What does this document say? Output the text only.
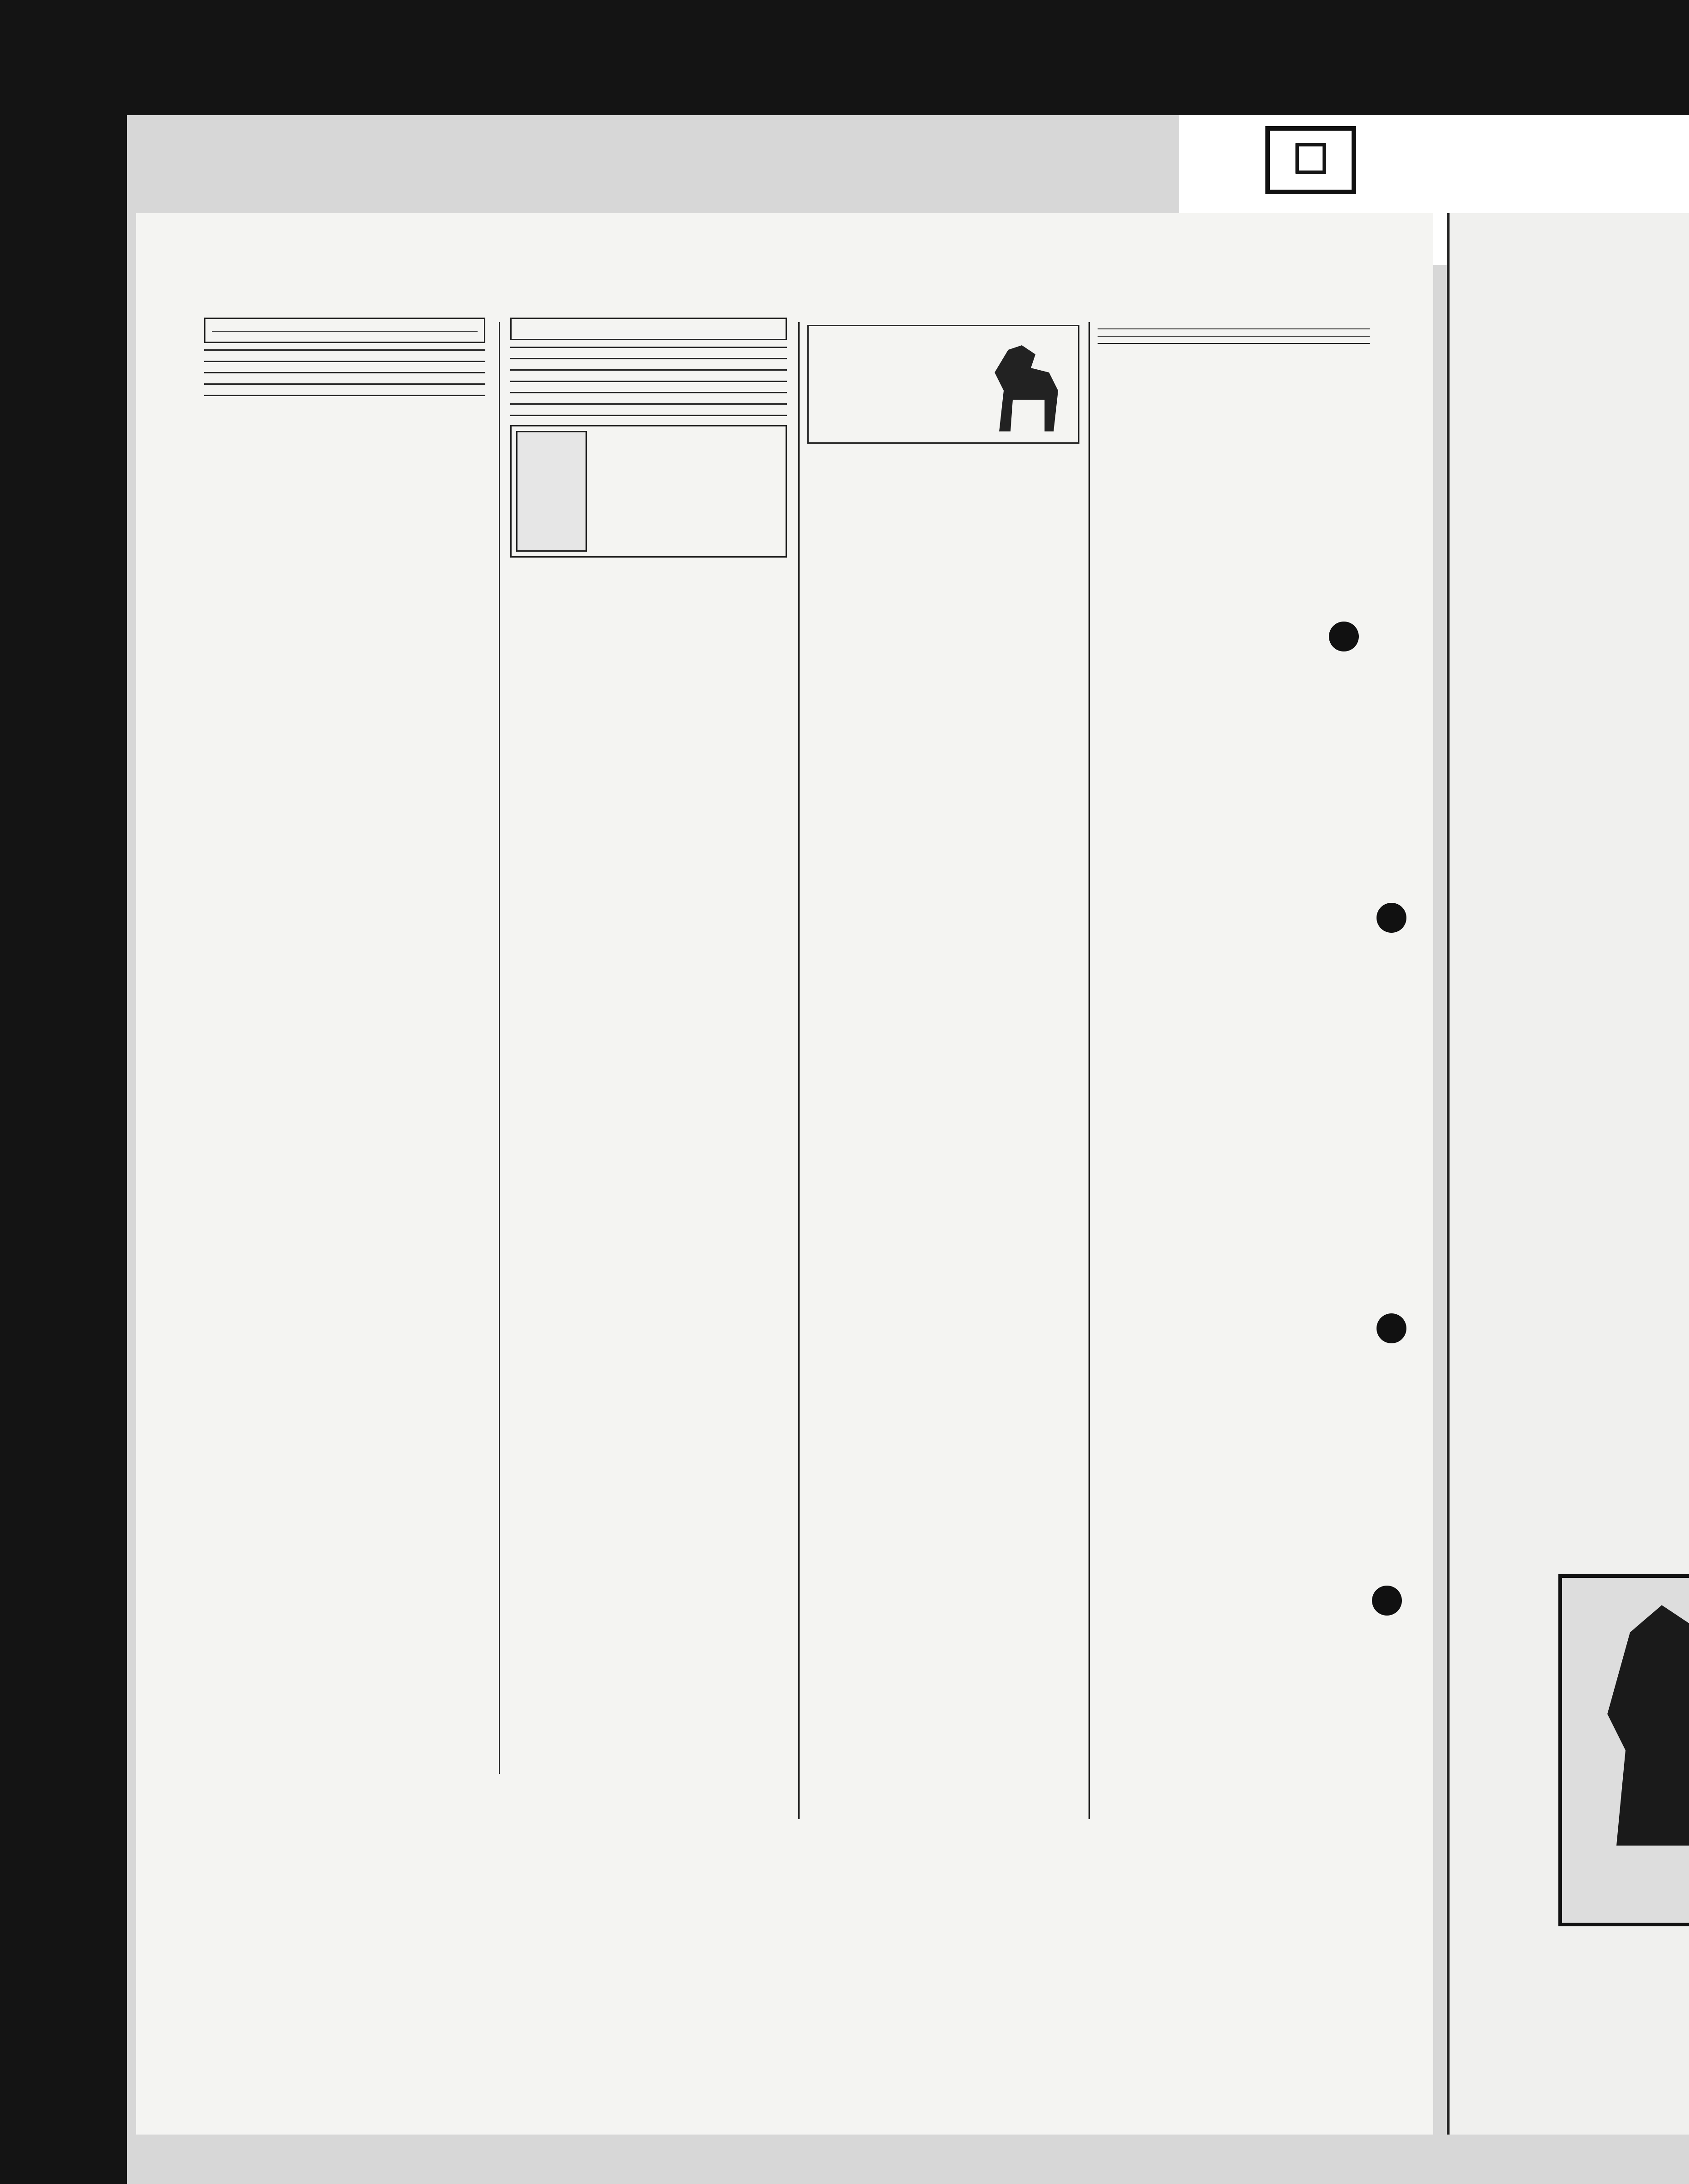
☐
